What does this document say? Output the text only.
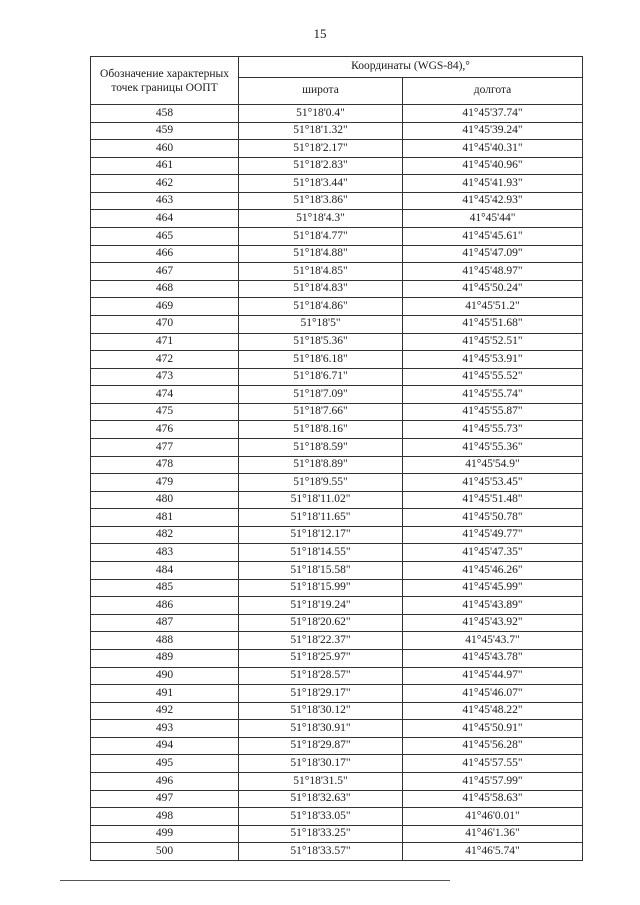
15
Обозначение характерных точек границы ООПТ	Координаты (WGS-84),°	
	широта	долгота
458	51°18'0.4"	41°45'37.74"
459	51°18'1.32"	41°45'39.24"
460	51°18'2.17"	41°45'40.31"
461	51°18'2.83"	41°45'40.96"
462	51°18'3.44"	41°45'41.93"
463	51°18'3.86"	41°45'42.93"
464	51°18'4.3"	41°45'44"
465	51°18'4.77"	41°45'45.61"
466	51°18'4.88"	41°45'47.09"
467	51°18'4.85"	41°45'48.97"
468	51°18'4.83"	41°45'50.24"
469	51°18'4.86"	41°45'51.2"
470	51°18'5"	41°45'51.68"
471	51°18'5.36"	41°45'52.51"
472	51°18'6.18"	41°45'53.91"
473	51°18'6.71"	41°45'55.52"
474	51°18'7.09"	41°45'55.74"
475	51°18'7.66"	41°45'55.87"
476	51°18'8.16"	41°45'55.73"
477	51°18'8.59"	41°45'55.36"
478	51°18'8.89"	41°45'54.9"
479	51°18'9.55"	41°45'53.45"
480	51°18'11.02"	41°45'51.48"
481	51°18'11.65"	41°45'50.78"
482	51°18'12.17"	41°45'49.77"
483	51°18'14.55"	41°45'47.35"
484	51°18'15.58"	41°45'46.26"
485	51°18'15.99"	41°45'45.99"
486	51°18'19.24"	41°45'43.89"
487	51°18'20.62"	41°45'43.92"
488	51°18'22.37"	41°45'43.7"
489	51°18'25.97"	41°45'43.78"
490	51°18'28.57"	41°45'44.97"
491	51°18'29.17"	41°45'46.07"
492	51°18'30.12"	41°45'48.22"
493	51°18'30.91"	41°45'50.91"
494	51°18'29.87"	41°45'56.28"
495	51°18'30.17"	41°45'57.55"
496	51°18'31.5"	41°45'57.99"
497	51°18'32.63"	41°45'58.63"
498	51°18'33.05"	41°46'0.01"
499	51°18'33.25"	41°46'1.36"
500	51°18'33.57"	41°46'5.74"
